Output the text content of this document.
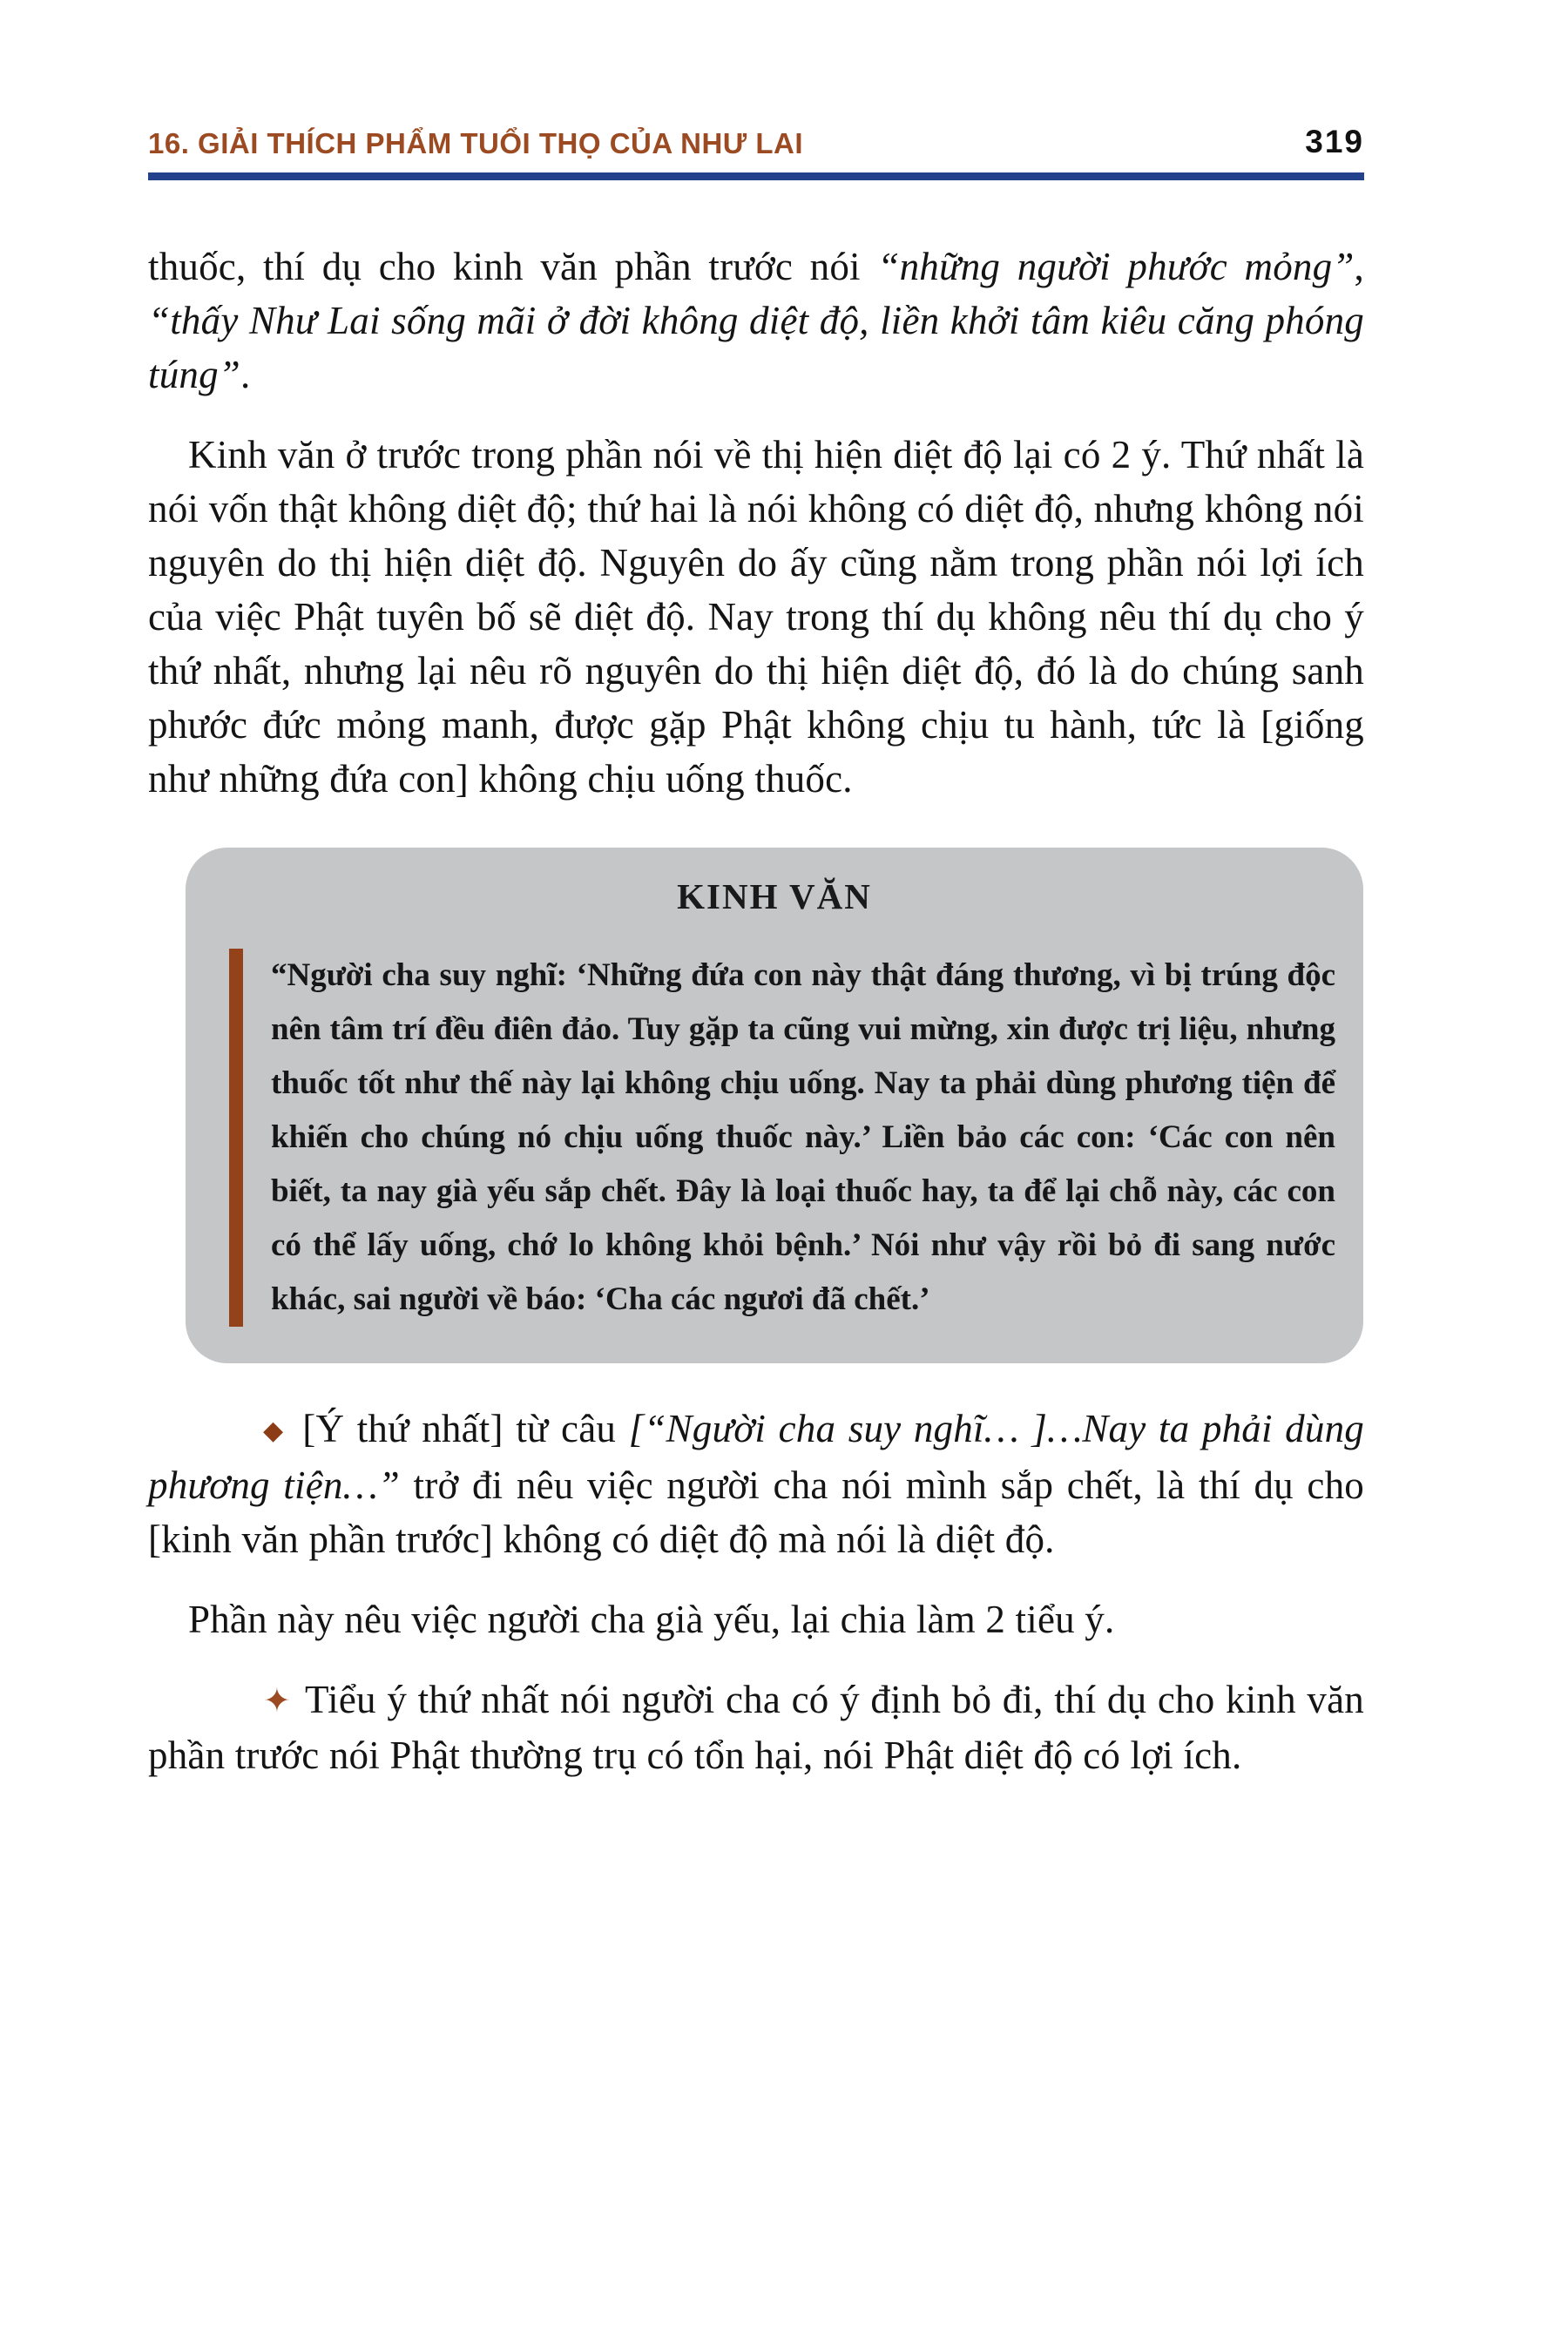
16. GIẢI THÍCH PHẨM TUỔI THỌ CỦA NHƯ LAI	319

thuốc, thí dụ cho kinh văn phần trước nói “những người phước mỏng”, “thấy Như Lai sống mãi ở đời không diệt độ, liền khởi tâm kiêu căng phóng túng”.

Kinh văn ở trước trong phần nói về thị hiện diệt độ lại có 2 ý. Thứ nhất là nói vốn thật không diệt độ; thứ hai là nói không có diệt độ, nhưng không nói nguyên do thị hiện diệt độ. Nguyên do ấy cũng nằm trong phần nói lợi ích của việc Phật tuyên bố sẽ diệt độ. Nay trong thí dụ không nêu thí dụ cho ý thứ nhất, nhưng lại nêu rõ nguyên do thị hiện diệt độ, đó là do chúng sanh phước đức mỏng manh, được gặp Phật không chịu tu hành, tức là [giống như những đứa con] không chịu uống thuốc.

KINH VĂN
“Người cha suy nghĩ: ‘Những đứa con này thật đáng thương, vì bị trúng độc nên tâm trí đều điên đảo. Tuy gặp ta cũng vui mừng, xin được trị liệu, nhưng thuốc tốt như thế này lại không chịu uống. Nay ta phải dùng phương tiện để khiến cho chúng nó chịu uống thuốc này.’ Liền bảo các con: ‘Các con nên biết, ta nay già yếu sắp chết. Đây là loại thuốc hay, ta để lại chỗ này, các con có thể lấy uống, chớ lo không khỏi bệnh.’ Nói như vậy rồi bỏ đi sang nước khác, sai người về báo: ‘Cha các ngươi đã chết.’

◆ [Ý thứ nhất] từ câu [“Người cha suy nghĩ… ]…Nay ta phải dùng phương tiện…” trở đi nêu việc người cha nói mình sắp chết, là thí dụ cho [kinh văn phần trước] không có diệt độ mà nói là diệt độ.

Phần này nêu việc người cha già yếu, lại chia làm 2 tiểu ý.

✦ Tiểu ý thứ nhất nói người cha có ý định bỏ đi, thí dụ cho kinh văn phần trước nói Phật thường trụ có tổn hại, nói Phật diệt độ có lợi ích.
